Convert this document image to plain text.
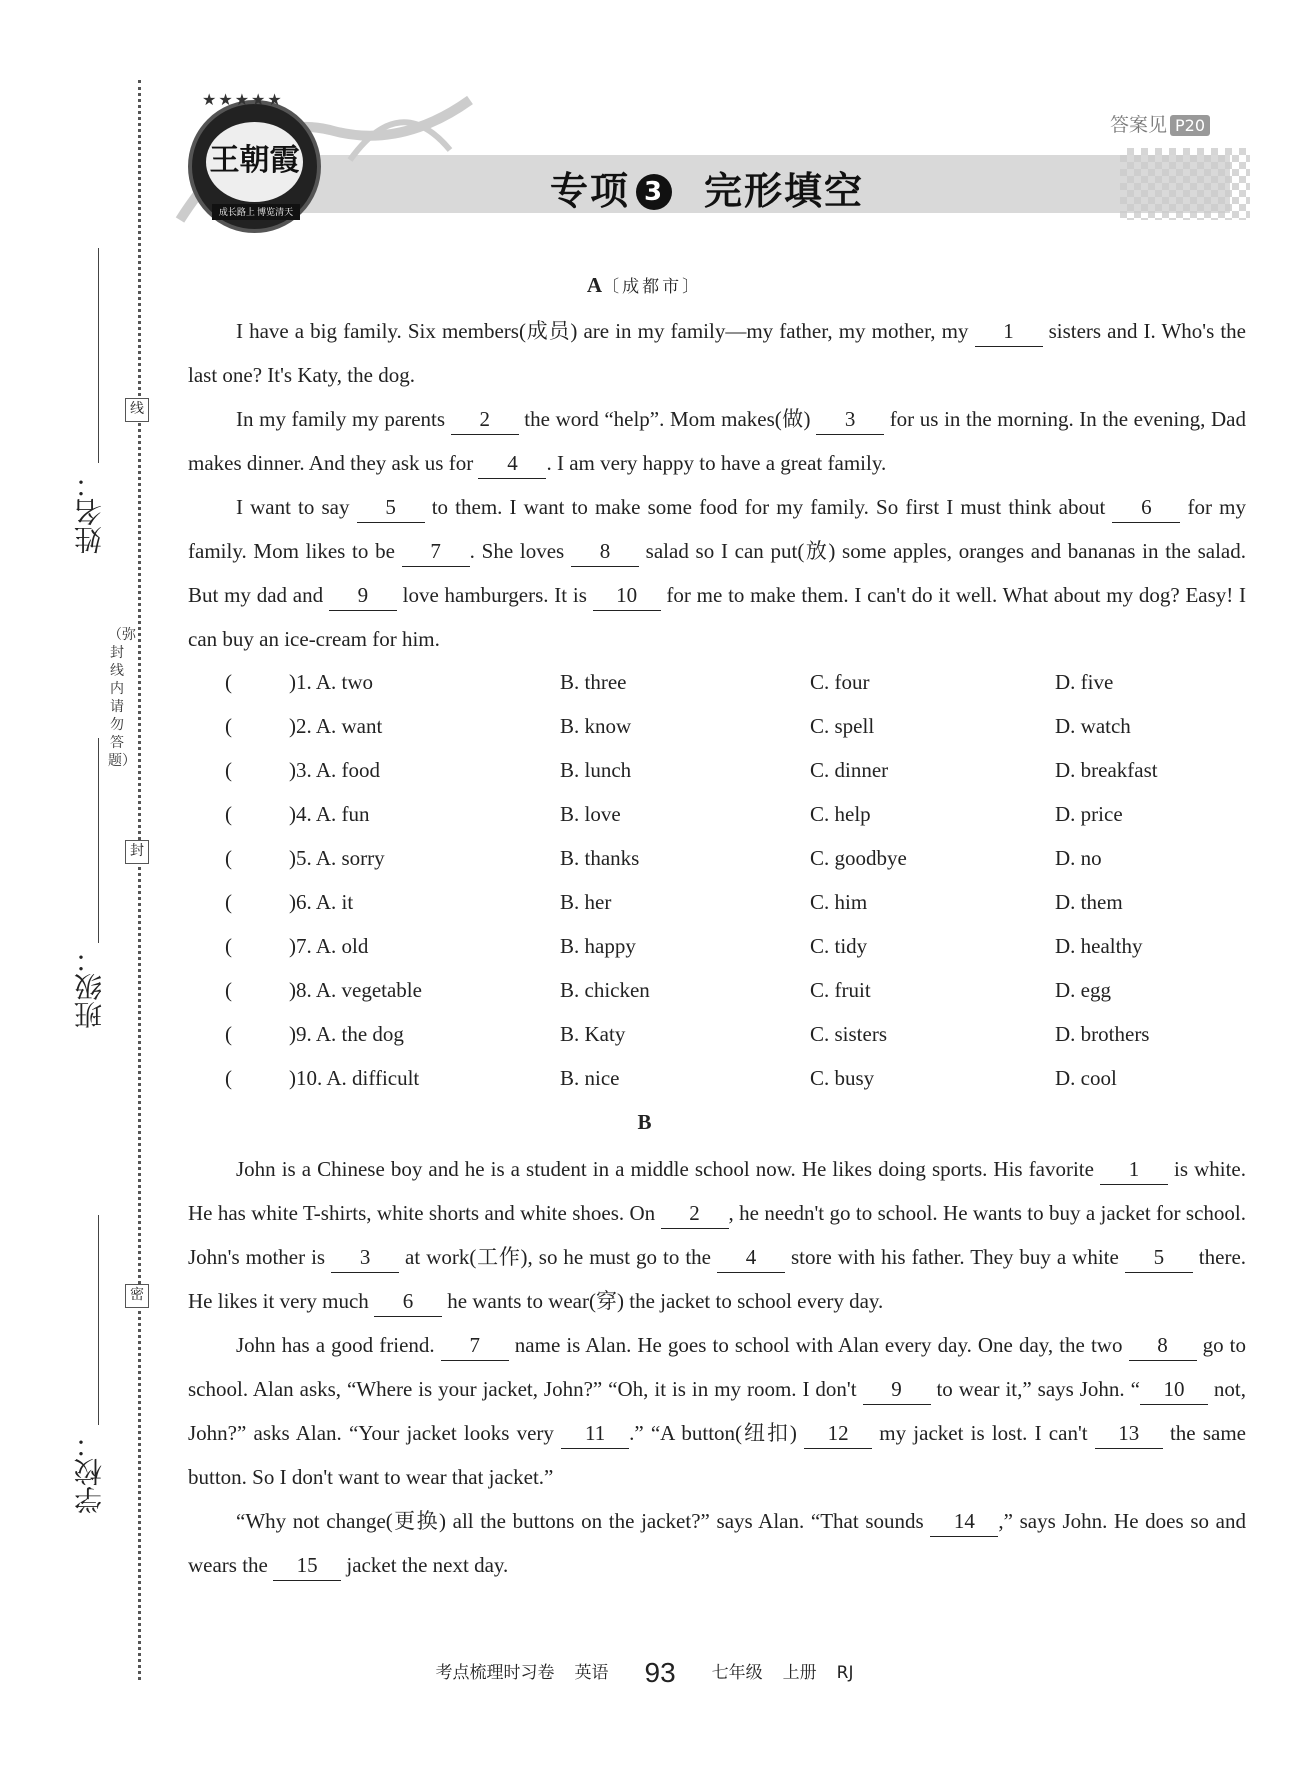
线
封
密
（弥封线内请勿答题）
姓名：
班级：
学校：
★★★★★
王朝霞
成长路上 博览清天
答案见 P20
专项 3 完形填空
A〔成都市〕

I have a big family. Six members(成员) are in my family—my father, my mother, my 1 sisters and I. Who's the last one? It's Katy, the dog.

In my family my parents 2 the word “help”. Mom makes(做) 3 for us in the morning. In the evening, Dad makes dinner. And they ask us for 4 . I am very happy to have a great family.

I want to say 5 to them. I want to make some food for my family. So first I must think about 6 for my family. Mom likes to be 7 . She loves 8 salad so I can put(放) some apples, oranges and bananas in the salad. But my dad and 9 love hamburgers. It is 10 for me to make them. I can't do it well. What about my dog? Easy! I can buy an ice-cream for him.

(	)1. A. two	B. three	C. four	D. five
(	)2. A. want	B. know	C. spell	D. watch
(	)3. A. food	B. lunch	C. dinner	D. breakfast
(	)4. A. fun	B. love	C. help	D. price
(	)5. A. sorry	B. thanks	C. goodbye	D. no
(	)6. A. it	B. her	C. him	D. them
(	)7. A. old	B. happy	C. tidy	D. healthy
(	)8. A. vegetable	B. chicken	C. fruit	D. egg
(	)9. A. the dog	B. Katy	C. sisters	D. brothers
(	)10. A. difficult	B. nice	C. busy	D. cool
B

John is a Chinese boy and he is a student in a middle school now. He likes doing sports. His favorite 1 is white. He has white T-shirts, white shorts and white shoes. On 2 , he needn't go to school. He wants to buy a jacket for school. John's mother is 3 at work(工作), so he must go to the 4 store with his father. They buy a white 5 there. He likes it very much 6 he wants to wear(穿) the jacket to school every day.

John has a good friend. 7 name is Alan. He goes to school with Alan every day. One day, the two 8 go to school. Alan asks, “Where is your jacket, John?” “Oh, it is in my room. I don't 9 to wear it,” says John. “ 10 not, John?” asks Alan. “Your jacket looks very 11 .” “A button(纽扣) 12 my jacket is lost. I can't 13 the same button. So I don't want to wear that jacket.”

“Why not change(更换) all the buttons on the jacket?” says Alan. “That sounds 14 ,” says John. He does so and wears the 15 jacket the next day.

考点梳理时习卷 英语 93 七年级 上册 RJ
